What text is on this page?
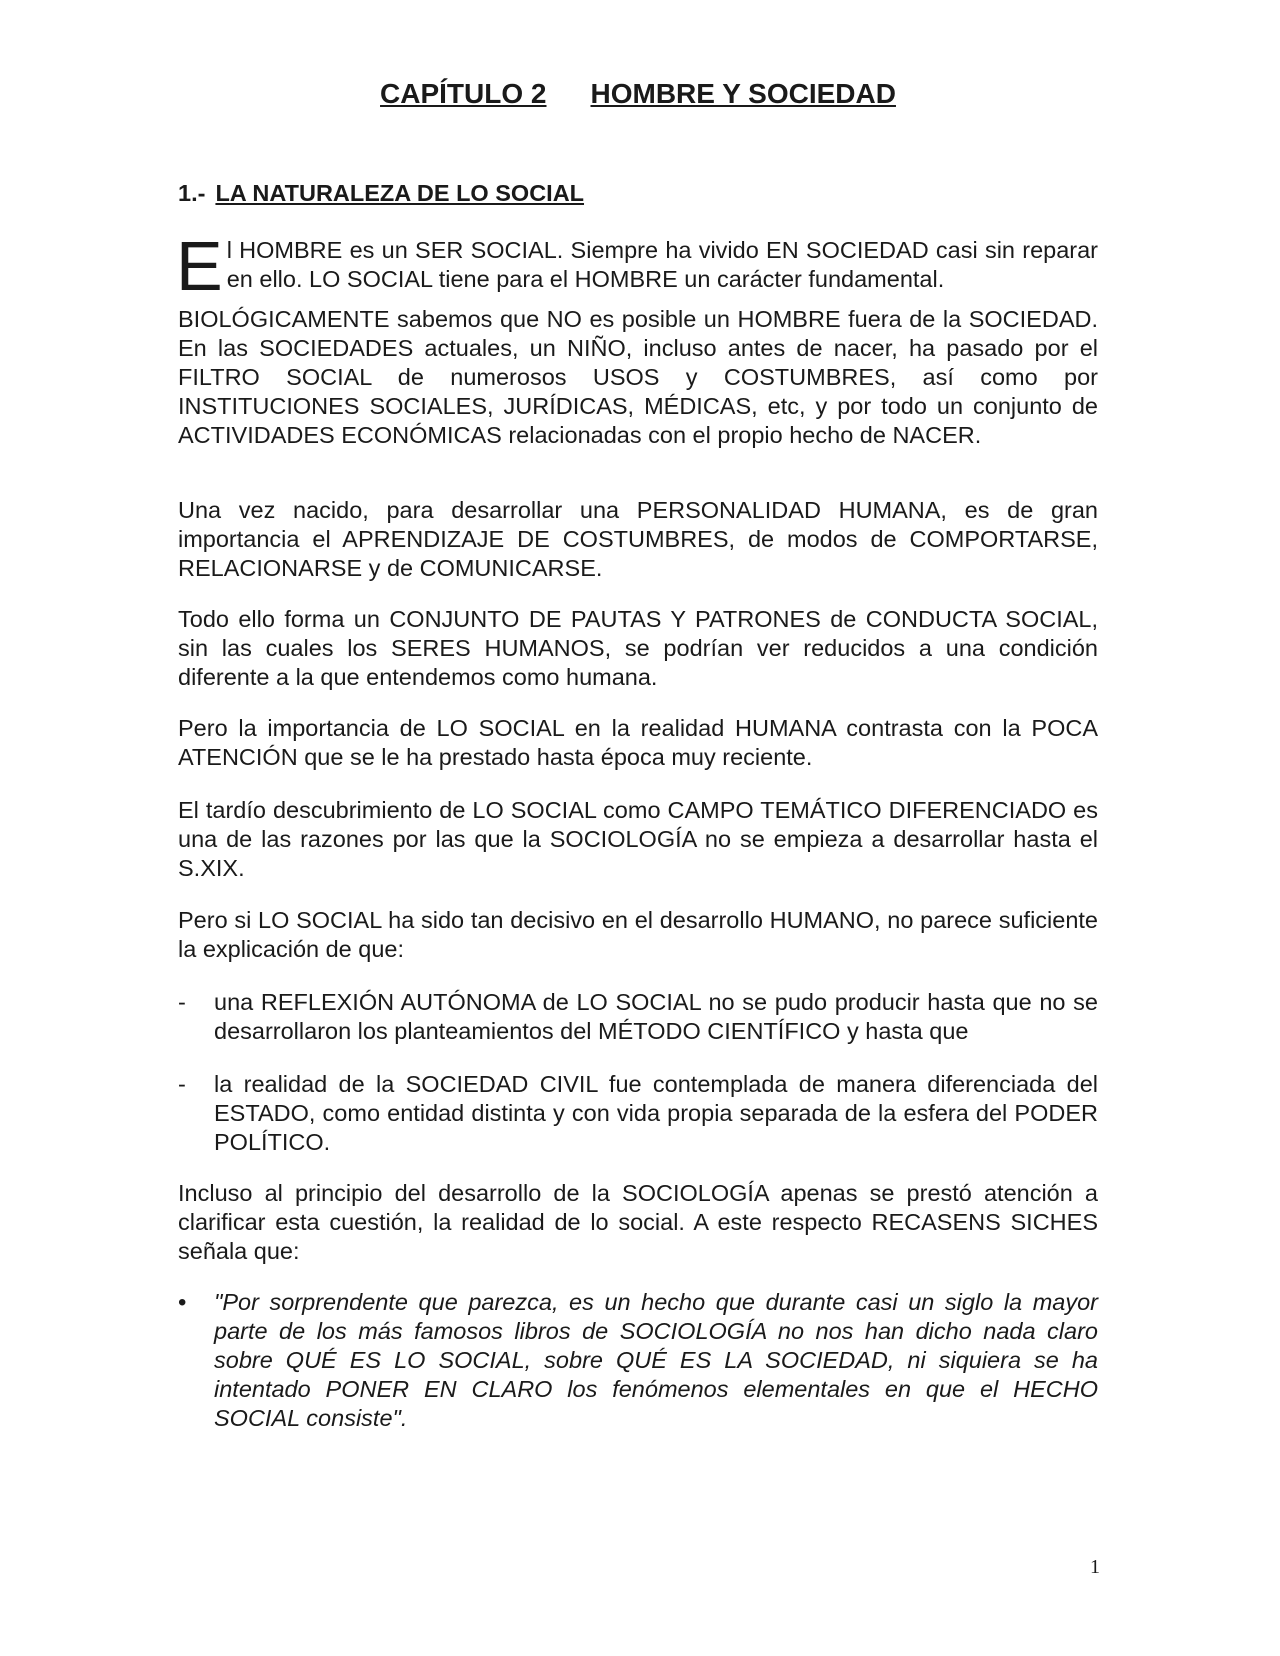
CAPÍTULO 2 HOMBRE Y SOCIEDAD
1.- LA NATURALEZA DE LO SOCIAL
E l HOMBRE es un SER SOCIAL. Siempre ha vivido EN SOCIEDAD casi sin reparar en ello. LO SOCIAL tiene para el HOMBRE un carácter fundamental.

BIOLÓGICAMENTE sabemos que NO es posible un HOMBRE fuera de la SOCIEDAD. En las SOCIEDADES actuales, un NIÑO, incluso antes de nacer, ha pasado por el FILTRO SOCIAL de numerosos USOS y COSTUMBRES, así como por INSTITUCIONES SOCIALES, JURÍDICAS, MÉDICAS, etc, y por todo un conjunto de ACTIVIDADES ECONÓMICAS relacionadas con el propio hecho de NACER.

Una vez nacido, para desarrollar una PERSONALIDAD HUMANA, es de gran importancia el APRENDIZAJE DE COSTUMBRES, de modos de COMPORTARSE, RELACIONARSE y de COMUNICARSE.

Todo ello forma un CONJUNTO DE PAUTAS Y PATRONES de CONDUCTA SOCIAL, sin las cuales los SERES HUMANOS, se podrían ver reducidos a una condición diferente a la que entendemos como humana.

Pero la importancia de LO SOCIAL en la realidad HUMANA contrasta con la POCA ATENCIÓN que se le ha prestado hasta época muy reciente.

El tardío descubrimiento de LO SOCIAL como CAMPO TEMÁTICO DIFERENCIADO es una de las razones por las que la SOCIOLOGÍA no se empieza a desarrollar hasta el S.XIX.

Pero si LO SOCIAL ha sido tan decisivo en el desarrollo HUMANO, no parece suficiente la explicación de que:

-	una REFLEXIÓN AUTÓNOMA de LO SOCIAL no se pudo producir hasta que no se desarrollaron los planteamientos del MÉTODO CIENTÍFICO y hasta que
-	la realidad de la SOCIEDAD CIVIL fue contemplada de manera diferenciada del ESTADO, como entidad distinta y con vida propia separada de la esfera del PODER POLÍTICO.

Incluso al principio del desarrollo de la SOCIOLOGÍA apenas se prestó atención a clarificar esta cuestión, la realidad de lo social. A este respecto RECASENS SICHES señala que:

•	"Por sorprendente que parezca, es un hecho que durante casi un siglo la mayor parte de los más famosos libros de SOCIOLOGÍA no nos han dicho nada claro sobre QUÉ ES LO SOCIAL, sobre QUÉ ES LA SOCIEDAD, ni siquiera se ha intentado PONER EN CLARO los fenómenos elementales en que el HECHO SOCIAL consiste".
1
